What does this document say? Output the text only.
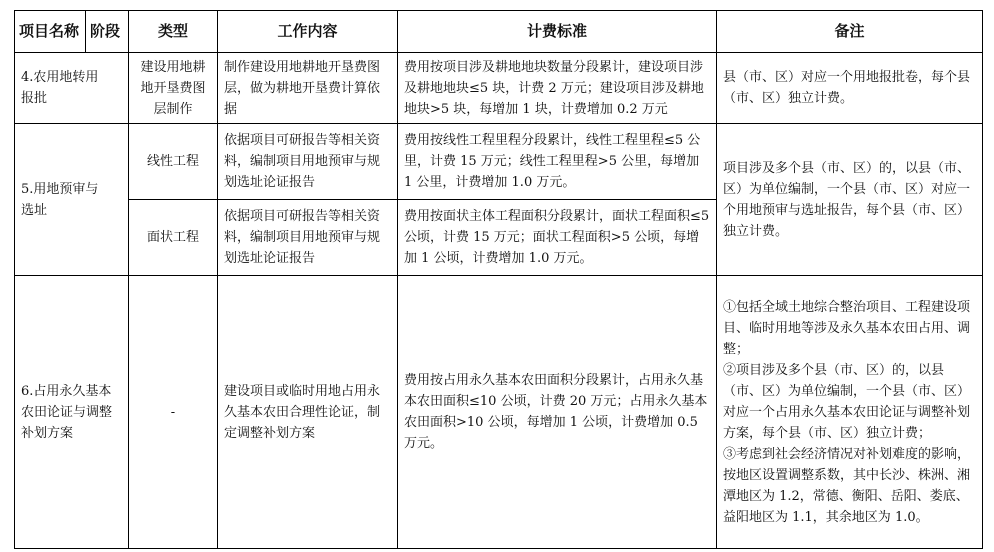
项目名称	阶段	类型	工作内容	计费标准	备注
4.农用地转用报批		建设用地耕地开垦费图层制作	制作建设用地耕地开垦费图层，做为耕地开垦费计算依据	费用按项目涉及耕地地块数量分段累计，建设项目涉及耕地地块≤5 块，计费 2 万元；建设项目涉及耕地地块>5 块，每增加 1 块，计费增加 0.2 万元	县（市、区）对应一个用地报批卷，每个县（市、区）独立计费。
5.用地预审与选址		线性工程	依据项目可研报告等相关资料，编制项目用地预审与规划选址论证报告	费用按线性工程里程分段累计，线性工程里程≤5 公里，计费 15 万元；线性工程里程>5 公里，每增加 1 公里，计费增加 1.0 万元。	项目涉及多个县（市、区）的，以县（市、区）为单位编制，一个县（市、区）对应一个用地预审与选址报告，每个县（市、区）独立计费。
		面状工程	依据项目可研报告等相关资料，编制项目用地预审与规划选址论证报告	费用按面状主体工程面积分段累计，面状工程面积≤5 公顷，计费 15 万元；面状工程面积>5 公顷，每增加 1 公顷，计费增加 1.0 万元。	
6.占用永久基本农田论证与调整补划方案		-	建设项目或临时用地占用永久基本农田合理性论证，制定调整补划方案	费用按占用永久基本农田面积分段累计，占用永久基本农田面积≤10 公顷，计费 20 万元；占用永久基本农田面积>10 公顷，每增加 1 公顷，计费增加 0.5 万元。	①包括全域土地综合整治项目、工程建设项目、临时用地等涉及永久基本农田占用、调整；
②项目涉及多个县（市、区）的，以县（市、区）为单位编制，一个县（市、区）对应一个占用永久基本农田论证与调整补划方案，每个县（市、区）独立计费；
③考虑到社会经济情况对补划难度的影响，按地区设置调整系数，其中长沙、株洲、湘潭地区为 1.2，常德、衡阳、岳阳、娄底、益阳地区为 1.1，其余地区为 1.0。
